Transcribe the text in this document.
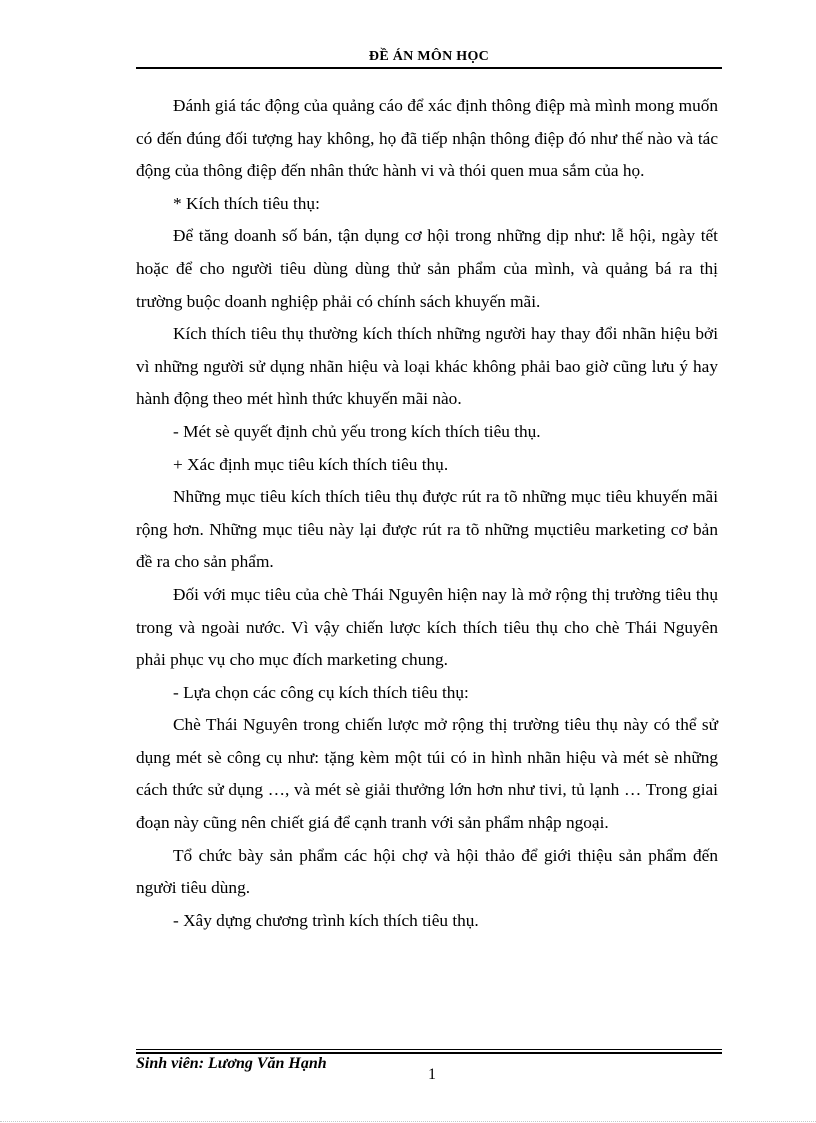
ĐỀ ÁN MÔN HỌC

Đánh giá tác động của quảng cáo để xác định thông điệp mà mình mong muốn có đến đúng đối tượng hay không, họ đã tiếp nhận thông điệp đó như thế nào và tác động của thông điệp đến nhân thức hành vi và thói quen mua sắm của họ.

* Kích thích tiêu thụ:

Để tăng doanh số bán, tận dụng cơ hội trong những dịp như: lễ hội, ngày tết hoặc để cho người tiêu dùng dùng thử sản phẩm của mình, và quảng bá ra thị trường buộc doanh nghiệp phải có chính sách khuyến mãi.

Kích thích tiêu thụ thường kích thích những người hay thay đổi nhãn hiệu bởi vì những người sử dụng nhãn hiệu và loại khác không phải bao giờ cũng lưu ý hay hành động theo mét hình thức khuyến mãi nào.

- Mét sè quyết định chủ yếu trong kích thích tiêu thụ.

+ Xác định mục tiêu kích thích tiêu thụ.

Những mục tiêu kích thích tiêu thụ được rút ra tõ những mục tiêu khuyến mãi rộng hơn. Những mục tiêu này lại được rút ra tõ những mụctiêu marketing cơ bản đề ra cho sản phẩm.

Đối với mục tiêu của chè Thái Nguyên hiện nay là mở rộng thị trường tiêu thụ trong và ngoài nước. Vì vậy chiến lược kích thích tiêu thụ cho chè Thái Nguyên phải phục vụ cho mục đích marketing chung.

- Lựa chọn các công cụ kích thích tiêu thụ:

Chè Thái Nguyên trong chiến lược mở rộng thị trường tiêu thụ này có thể sử dụng mét sè công cụ như: tặng kèm một túi có in hình nhãn hiệu và mét sè những cách thức sử dụng …, và mét sè giải thưởng lớn hơn như tivi, tủ lạnh … Trong giai đoạn này cũng nên chiết giá để cạnh tranh với sản phẩm nhập ngoại.

Tổ chức bày sản phẩm các hội chợ và hội thảo để giới thiệu sản phẩm đến người tiêu dùng.

- Xây dựng chương trình kích thích tiêu thụ.

Sinh viên: Lương Văn Hạnh
1
